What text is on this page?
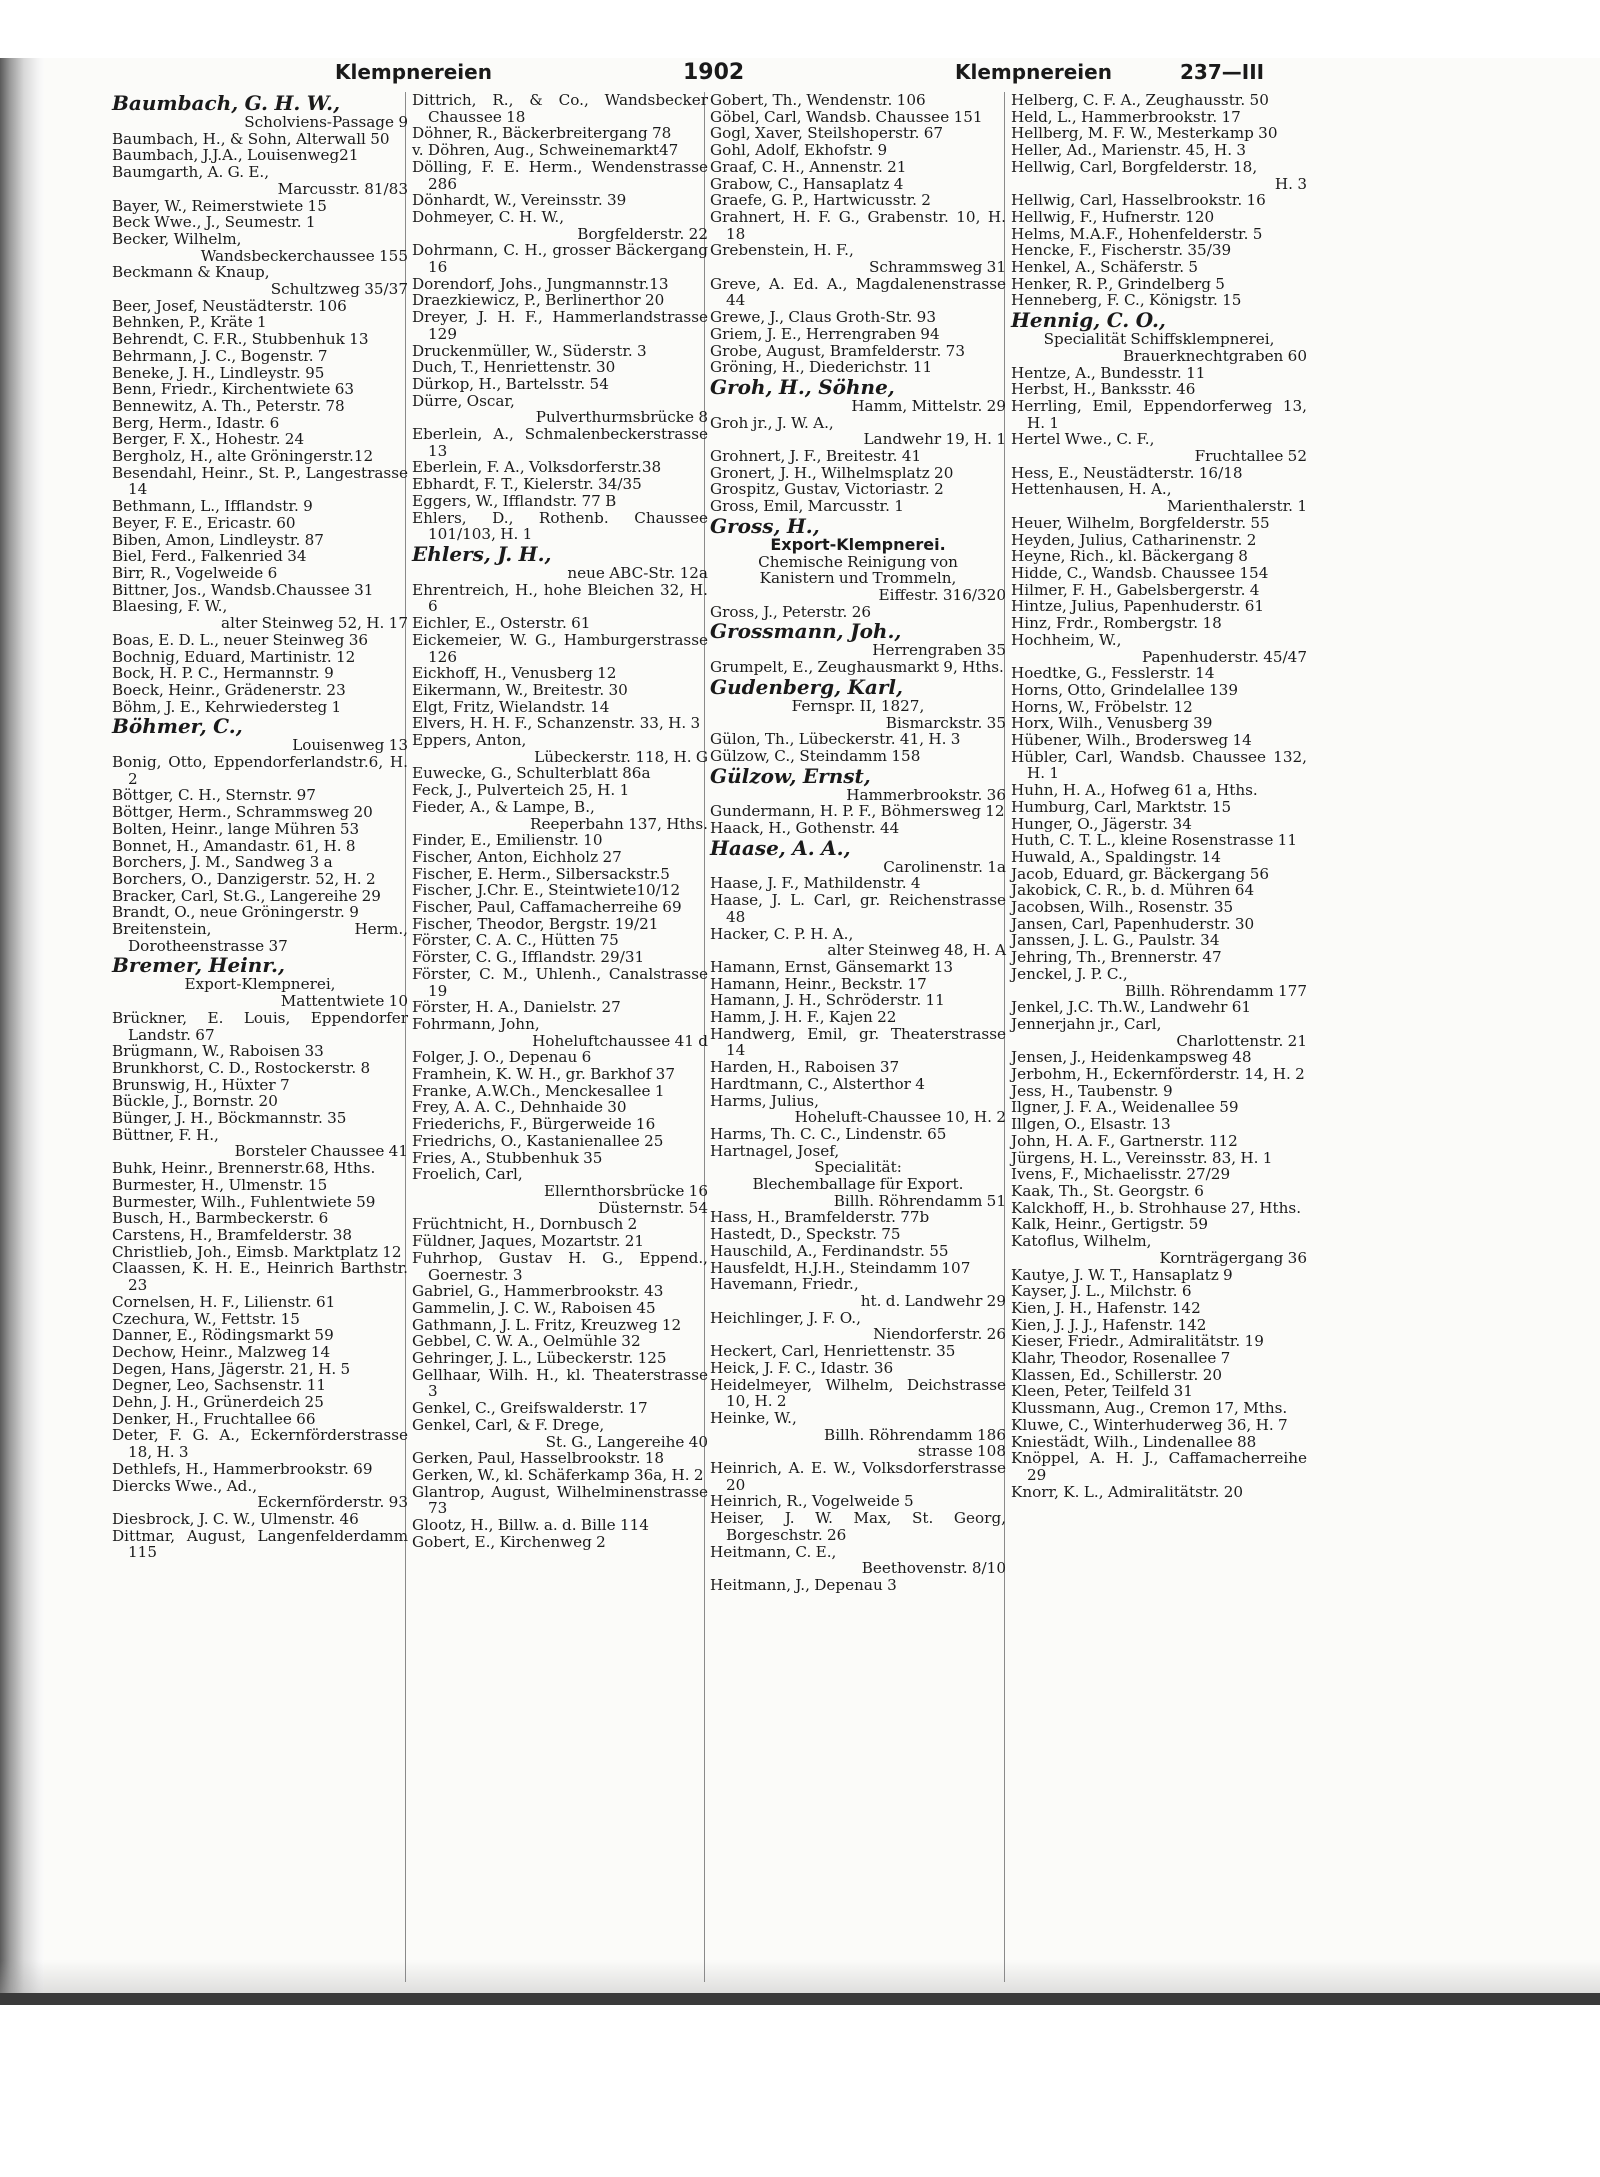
Klempnereien	1902	Klempnereien	237—III

Baumbach, G. H. W.,

Scholviens-Passage 9

Baumbach, H., & Sohn, Alterwall 50

Baumbach, J.J.A., Louisenweg21

Baumgarth, A. G. E.,

Marcusstr. 81/83

Bayer, W., Reimerstwiete 15

Beck Wwe., J., Seumestr. 1

Becker, Wilhelm,

Wandsbeckerchaussee 155

Beckmann & Knaup,

Schultzweg 35/37

Beer, Josef, Neustädterstr. 106

Behnken, P., Kräte 1

Behrendt, C. F.R., Stubbenhuk 13

Behrmann, J. C., Bogenstr. 7

Beneke, J. H., Lindleystr. 95

Benn, Friedr., Kirchentwiete 63

Bennewitz, A. Th., Peterstr. 78

Berg, Herm., Idastr. 6

Berger, F. X., Hohestr. 24

Bergholz, H., alte Gröningerstr.12

Besendahl, Heinr., St. P., Langestrasse 14

Bethmann, L., Ifflandstr. 9

Beyer, F. E., Ericastr. 60

Biben, Amon, Lindleystr. 87

Biel, Ferd., Falkenried 34

Birr, R., Vogelweide 6

Bittner, Jos., Wandsb.Chaussee 31

Blaesing, F. W.,

alter Steinweg 52, H. 17

Boas, E. D. L., neuer Steinweg 36

Bochnig, Eduard, Martinistr. 12

Bock, H. P. C., Hermannstr. 9

Boeck, Heinr., Grädenerstr. 23

Böhm, J. E., Kehrwiedersteg 1

Böhmer, C.,

Louisenweg 13

Bonig, Otto, Eppendorferlandstr.6, H. 2

Böttger, C. H., Sternstr. 97

Böttger, Herm., Schrammsweg 20

Bolten, Heinr., lange Mühren 53

Bonnet, H., Amandastr. 61, H. 8

Borchers, J. M., Sandweg 3 a

Borchers, O., Danzigerstr. 52, H. 2

Bracker, Carl, St.G., Langereihe 29

Brandt, O., neue Gröningerstr. 9

Breitenstein, Herm., Dorotheenstrasse 37

Bremer, Heinr.,

Export-Klempnerei,

Mattentwiete 10

Brückner, E. Louis, Eppendorfer Landstr. 67

Brügmann, W., Raboisen 33

Brunkhorst, C. D., Rostockerstr. 8

Brunswig, H., Hüxter 7

Bückle, J., Bornstr. 20

Bünger, J. H., Böckmannstr. 35

Büttner, F. H.,

Borsteler Chaussee 41

Buhk, Heinr., Brennerstr.68, Hths.

Burmester, H., Ulmenstr. 15

Burmester, Wilh., Fuhlentwiete 59

Busch, H., Barmbeckerstr. 6

Carstens, H., Bramfelderstr. 38

Christlieb, Joh., Eimsb. Marktplatz 12

Claassen, K. H. E., Heinrich Barthstr. 23

Cornelsen, H. F., Lilienstr. 61

Czechura, W., Fettstr. 15

Danner, E., Rödingsmarkt 59

Dechow, Heinr., Malzweg 14

Degen, Hans, Jägerstr. 21, H. 5

Degner, Leo, Sachsenstr. 11

Dehn, J. H., Grünerdeich 25

Denker, H., Fruchtallee 66

Deter, F. G. A., Eckernförderstrasse 18, H. 3

Dethlefs, H., Hammerbrookstr. 69

Diercks Wwe., Ad.,

Eckernförderstr. 93

Diesbrock, J. C. W., Ulmenstr. 46

Dittmar, August, Langenfelderdamm 115

Dittrich, R., & Co., Wandsbecker Chaussee 18

Döhner, R., Bäckerbreitergang 78

v. Döhren, Aug., Schweinemarkt47

Dölling, F. E. Herm., Wendenstrasse 286

Dönhardt, W., Vereinsstr. 39

Dohmeyer, C. H. W.,

Borgfelderstr. 22

Dohrmann, C. H., grosser Bäckergang 16

Dorendorf, Johs., Jungmannstr.13

Draezkiewicz, P., Berlinerthor 20

Dreyer, J. H. F., Hammerlandstrasse 129

Druckenmüller, W., Süderstr. 3

Duch, T., Henriettenstr. 30

Dürkop, H., Bartelsstr. 54

Dürre, Oscar,

Pulverthurmsbrücke 8

Eberlein, A., Schmalenbeckerstrasse 13

Eberlein, F. A., Volksdorferstr.38

Ebhardt, F. T., Kielerstr. 34/35

Eggers, W., Ifflandstr. 77 B

Ehlers, D., Rothenb. Chaussee 101/103, H. 1

Ehlers, J. H.,

neue ABC-Str. 12a

Ehrentreich, H., hohe Bleichen 32, H. 6

Eichler, E., Osterstr. 61

Eickemeier, W. G., Hamburgerstrasse 126

Eickhoff, H., Venusberg 12

Eikermann, W., Breitestr. 30

Elgt, Fritz, Wielandstr. 14

Elvers, H. H. F., Schanzenstr. 33, H. 3

Eppers, Anton,

Lübeckerstr. 118, H. G

Euwecke, G., Schulterblatt 86a

Feck, J., Pulverteich 25, H. 1

Fieder, A., & Lampe, B.,

Reeperbahn 137, Hths.

Finder, E., Emilienstr. 10

Fischer, Anton, Eichholz 27

Fischer, E. Herm., Silbersackstr.5

Fischer, J.Chr. E., Steintwiete10/12

Fischer, Paul, Caffamacherreihe 69

Fischer, Theodor, Bergstr. 19/21

Förster, C. A. C., Hütten 75

Förster, C. G., Ifflandstr. 29/31

Förster, C. M., Uhlenh., Canalstrasse 19

Förster, H. A., Danielstr. 27

Fohrmann, John,

Hoheluftchaussee 41 d

Folger, J. O., Depenau 6

Framhein, K. W. H., gr. Barkhof 37

Franke, A.W.Ch., Menckesallee 1

Frey, A. A. C., Dehnhaide 30

Friederichs, F., Bürgerweide 16

Friedrichs, O., Kastanienallee 25

Fries, A., Stubbenhuk 35

Froelich, Carl,

Ellernthorsbrücke 16

Düsternstr. 54

Früchtnicht, H., Dornbusch 2

Füldner, Jaques, Mozartstr. 21

Fuhrhop, Gustav H. G., Eppend., Goernestr. 3

Gabriel, G., Hammerbrookstr. 43

Gammelin, J. C. W., Raboisen 45

Gathmann, J. L. Fritz, Kreuzweg 12

Gebbel, C. W. A., Oelmühle 32

Gehringer, J. L., Lübeckerstr. 125

Gellhaar, Wilh. H., kl. Theaterstrasse 3

Genkel, C., Greifswalderstr. 17

Genkel, Carl, & F. Drege,

St. G., Langereihe 40

Gerken, Paul, Hasselbrookstr. 18

Gerken, W., kl. Schäferkamp 36a, H. 2

Glantrop, August, Wilhelminenstrasse 73

Glootz, H., Billw. a. d. Bille 114

Gobert, E., Kirchenweg 2

Gobert, Th., Wendenstr. 106

Göbel, Carl, Wandsb. Chaussee 151

Gogl, Xaver, Steilshoperstr. 67

Gohl, Adolf, Ekhofstr. 9

Graaf, C. H., Annenstr. 21

Grabow, C., Hansaplatz 4

Graefe, G. P., Hartwicusstr. 2

Grahnert, H. F. G., Grabenstr. 10, H. 18

Grebenstein, H. F.,

Schrammsweg 31

Greve, A. Ed. A., Magdalenenstrasse 44

Grewe, J., Claus Groth-Str. 93

Griem, J. E., Herrengraben 94

Grobe, August, Bramfelderstr. 73

Gröning, H., Diederichstr. 11

Groh, H., Söhne,

Hamm, Mittelstr. 29

Groh jr., J. W. A.,

Landwehr 19, H. 1

Grohnert, J. F., Breitestr. 41

Gronert, J. H., Wilhelmsplatz 20

Grospitz, Gustav, Victoriastr. 2

Gross, Emil, Marcusstr. 1

Gross, H.,

Export-Klempnerei.

Chemische Reinigung von

Kanistern und Trommeln,

Eiffestr. 316/320

Gross, J., Peterstr. 26

Grossmann, Joh.,

Herrengraben 35

Grumpelt, E., Zeughausmarkt 9, Hths.

Gudenberg, Karl,

Fernspr. II, 1827,

Bismarckstr. 35

Gülon, Th., Lübeckerstr. 41, H. 3

Gülzow, C., Steindamm 158

Gülzow, Ernst,

Hammerbrookstr. 36

Gundermann, H. P. F., Böhmersweg 12

Haack, H., Gothenstr. 44

Haase, A. A.,

Carolinenstr. 1a

Haase, J. F., Mathildenstr. 4

Haase, J. L. Carl, gr. Reichenstrasse 48

Hacker, C. P. H. A.,

alter Steinweg 48, H. A

Hamann, Ernst, Gänsemarkt 13

Hamann, Heinr., Beckstr. 17

Hamann, J. H., Schröderstr. 11

Hamm, J. H. F., Kajen 22

Handwerg, Emil, gr. Theaterstrasse 14

Harden, H., Raboisen 37

Hardtmann, C., Alsterthor 4

Harms, Julius,

Hoheluft-Chaussee 10, H. 2

Harms, Th. C. C., Lindenstr. 65

Hartnagel, Josef,

Specialität:

Blechemballage für Export.

Billh. Röhrendamm 51

Hass, H., Bramfelderstr. 77b

Hastedt, D., Speckstr. 75

Hauschild, A., Ferdinandstr. 55

Hausfeldt, H.J.H., Steindamm 107

Havemann, Friedr.,

ht. d. Landwehr 29

Heichlinger, J. F. O.,

Niendorferstr. 26

Heckert, Carl, Henriettenstr. 35

Heick, J. F. C., Idastr. 36

Heidelmeyer, Wilhelm, Deichstrasse 10, H. 2

Heinke, W.,

Billh. Röhrendamm 186

strasse 108

Heinrich, A. E. W., Volksdorferstrasse 20

Heinrich, R., Vogelweide 5

Heiser, J. W. Max, St. Georg, Borgeschstr. 26

Heitmann, C. E.,

Beethovenstr. 8/10

Heitmann, J., Depenau 3

Helberg, C. F. A., Zeughausstr. 50

Held, L., Hammerbrookstr. 17

Hellberg, M. F. W., Mesterkamp 30

Heller, Ad., Marienstr. 45, H. 3

Hellwig, Carl, Borgfelderstr. 18,

H. 3

Hellwig, Carl, Hasselbrookstr. 16

Hellwig, F., Hufnerstr. 120

Helms, M.A.F., Hohenfelderstr. 5

Hencke, F., Fischerstr. 35/39

Henkel, A., Schäferstr. 5

Henker, R. P., Grindelberg 5

Henneberg, F. C., Königstr. 15

Hennig, C. O.,

Specialität Schiffsklempnerei,

Brauerknechtgraben 60

Hentze, A., Bundesstr. 11

Herbst, H., Banksstr. 46

Herrling, Emil, Eppendorferweg 13, H. 1

Hertel Wwe., C. F.,

Fruchtallee 52

Hess, E., Neustädterstr. 16/18

Hettenhausen, H. A.,

Marienthalerstr. 1

Heuer, Wilhelm, Borgfelderstr. 55

Heyden, Julius, Catharinenstr. 2

Heyne, Rich., kl. Bäckergang 8

Hidde, C., Wandsb. Chaussee 154

Hilmer, F. H., Gabelsbergerstr. 4

Hintze, Julius, Papenhuderstr. 61

Hinz, Frdr., Rombergstr. 18

Hochheim, W.,

Papenhuderstr. 45/47

Hoedtke, G., Fesslerstr. 14

Horns, Otto, Grindelallee 139

Horns, W., Fröbelstr. 12

Horx, Wilh., Venusberg 39

Hübener, Wilh., Brodersweg 14

Hübler, Carl, Wandsb. Chaussee 132, H. 1

Huhn, H. A., Hofweg 61 a, Hths.

Humburg, Carl, Marktstr. 15

Hunger, O., Jägerstr. 34

Huth, C. T. L., kleine Rosenstrasse 11

Huwald, A., Spaldingstr. 14

Jacob, Eduard, gr. Bäckergang 56

Jakobick, C. R., b. d. Mühren 64

Jacobsen, Wilh., Rosenstr. 35

Jansen, Carl, Papenhuderstr. 30

Janssen, J. L. G., Paulstr. 34

Jehring, Th., Brennerstr. 47

Jenckel, J. P. C.,

Billh. Röhrendamm 177

Jenkel, J.C. Th.W., Landwehr 61

Jennerjahn jr., Carl,

Charlottenstr. 21

Jensen, J., Heidenkampsweg 48

Jerbohm, H., Eckernförderstr. 14, H. 2

Jess, H., Taubenstr. 9

Ilgner, J. F. A., Weidenallee 59

Illgen, O., Elsastr. 13

John, H. A. F., Gartnerstr. 112

Jürgens, H. L., Vereinsstr. 83, H. 1

Ivens, F., Michaelisstr. 27/29

Kaak, Th., St. Georgstr. 6

Kalckhoff, H., b. Strohhause 27, Hths.

Kalk, Heinr., Gertigstr. 59

Katoflus, Wilhelm,

Kornträgergang 36

Kautye, J. W. T., Hansaplatz 9

Kayser, J. L., Milchstr. 6

Kien, J. H., Hafenstr. 142

Kien, J. J. J., Hafenstr. 142

Kieser, Friedr., Admiralitätstr. 19

Klahr, Theodor, Rosenallee 7

Klassen, Ed., Schillerstr. 20

Kleen, Peter, Teilfeld 31

Klussmann, Aug., Cremon 17, Mths.

Kluwe, C., Winterhuderweg 36, H. 7

Kniestädt, Wilh., Lindenallee 88

Knöppel, A. H. J., Caffamacherreihe 29

Knorr, K. L., Admiralitätstr. 20
